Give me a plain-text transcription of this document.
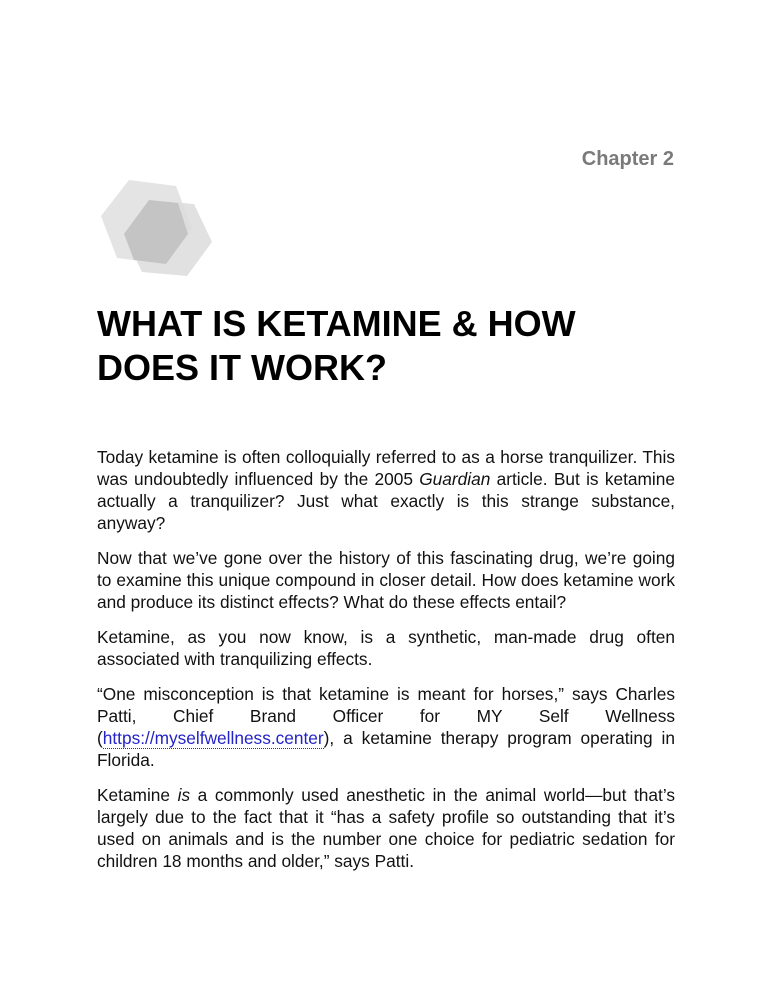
Chapter 2
WHAT IS KETAMINE & HOW
DOES IT WORK?

Today ketamine is often colloquially referred to as a horse tranquilizer. This was undoubtedly influenced by the 2005 Guardian article. But is ketamine actually a tranquilizer? Just what exactly is this strange substance, anyway?

Now that we’ve gone over the history of this fascinating drug, we’re going to examine this unique compound in closer detail. How does ketamine work and produce its distinct effects? What do these effects entail?

Ketamine, as you now know, is a synthetic, man-made drug often associated with tranquilizing effects.

“One misconception is that ketamine is meant for horses,” says Charles Patti, Chief Brand Officer for MY Self Wellness (https://myselfwellness.center), a ketamine therapy program operating in Florida.

Ketamine is a commonly used anesthetic in the animal world—but that’s largely due to the fact that it “has a safety profile so outstanding that it’s used on animals and is the number one choice for pediatric sedation for children 18 months and older,” says Patti.
